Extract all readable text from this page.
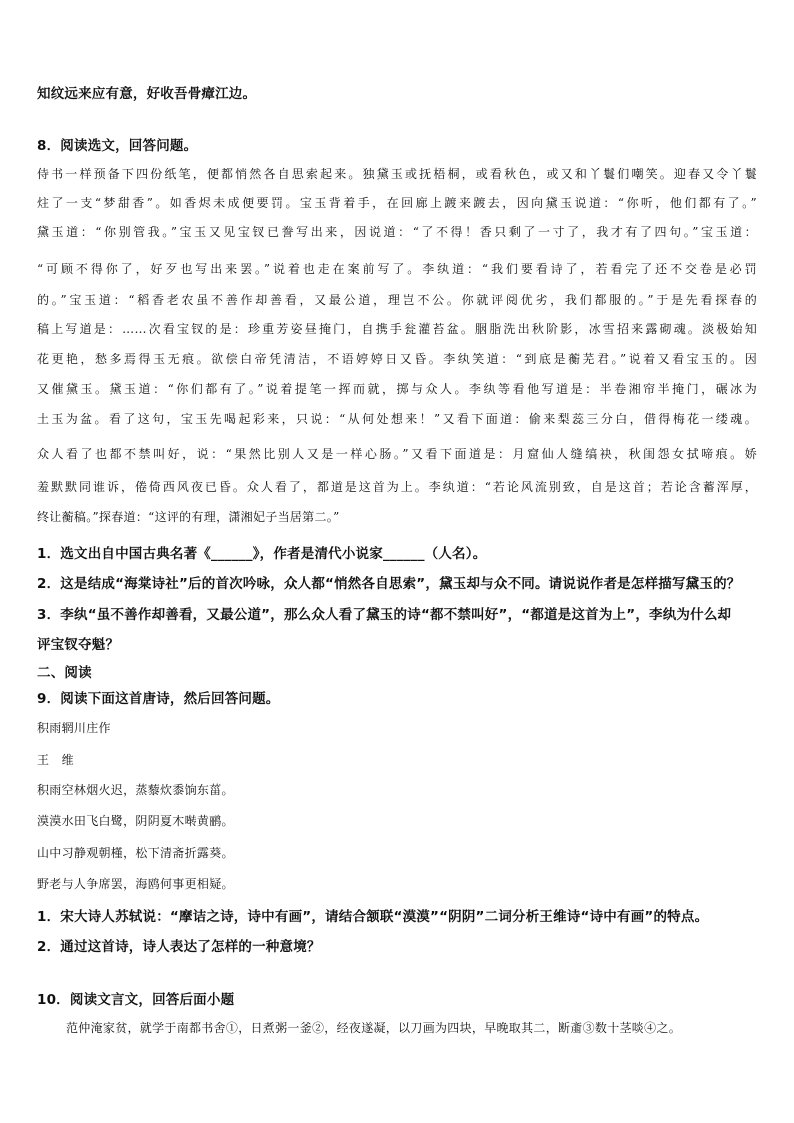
知纹远来应有意，好收吾骨瘴江边。
8．阅读选文，回答问题。
侍书一样预备下四份纸笔，便都悄然各自思索起来。独黛玉或抚梧桐，或看秋色，或又和丫鬟们嘲笑。迎春又令丫鬟
炷了一支“梦甜香”。如香烬未成便要罚。宝玉背着手，在回廊上踱来踱去，因向黛玉说道：“你听，他们都有了。”
黛玉道：“你别管我。”宝玉又见宝钗已誊写出来，因说道：“了不得！香只剩了一寸了，我才有了四句。”宝玉道：
“可顾不得你了，好歹也写出来罢。”说着也走在案前写了。李纨道：“我们要看诗了，若看完了还不交卷是必罚
的。”宝玉道：“稻香老农虽不善作却善看，又最公道，理岂不公。你就评阅优劣，我们都服的。”于是先看探春的
稿上写道是：……次看宝钗的是：珍重芳姿昼掩门，自携手瓮灌苔盆。胭脂洗出秋阶影，冰雪招来露砌魂。淡极始知
花更艳，愁多焉得玉无痕。欲偿白帝凭清洁，不语婷婷日又昏。李纨笑道：“到底是蘅芜君。”说着又看宝玉的。因
又催黛玉。黛玉道：“你们都有了。”说着提笔一挥而就，掷与众人。李纨等看他写道是：半卷湘帘半掩门，碾冰为
土玉为盆。看了这句，宝玉先喝起彩来，只说：“从何处想来！”又看下面道：偷来梨蕊三分白，借得梅花一缕魂。
众人看了也都不禁叫好，说：“果然比别人又是一样心肠。”又看下面道是：月窟仙人缝缟袂，秋闺怨女拭啼痕。娇
羞默默同谁诉，倦倚西风夜已昏。众人看了，都道是这首为上。李纨道：“若论风流别致，自是这首；若论含蓄浑厚，
终让蘅稿。”探春道：“这评的有理，潇湘妃子当居第二。”
1．选文出自中国古典名著《______》，作者是清代小说家______（人名）。
2．这是结成“海棠诗社”后的首次吟咏，众人都“悄然各自思索”，黛玉却与众不同。请说说作者是怎样描写黛玉的？
3．李纨“虽不善作却善看，又最公道”，那么众人看了黛玉的诗“都不禁叫好”，“都道是这首为上”，李纨为什么却
评宝钗夺魁？
二、阅读
9．阅读下面这首唐诗，然后回答问题。
积雨辋川庄作
王　维
积雨空林烟火迟，蒸藜炊黍饷东菑。
漠漠水田飞白鹭，阴阴夏木啭黄鹂。
山中习静观朝槿，松下清斋折露葵。
野老与人争席罢，海鸥何事更相疑。
1．宋大诗人苏轼说：“摩诘之诗，诗中有画”，请结合颔联“漠漠”“阴阴”二词分析王维诗“诗中有画”的特点。
2．通过这首诗，诗人表达了怎样的一种意境？
10．阅读文言文，回答后面小题
范仲淹家贫，就学于南都书舍①，日煮粥一釜②，经夜遂凝，以刀画为四块，早晚取其二，断齑③数十茎啖④之。
